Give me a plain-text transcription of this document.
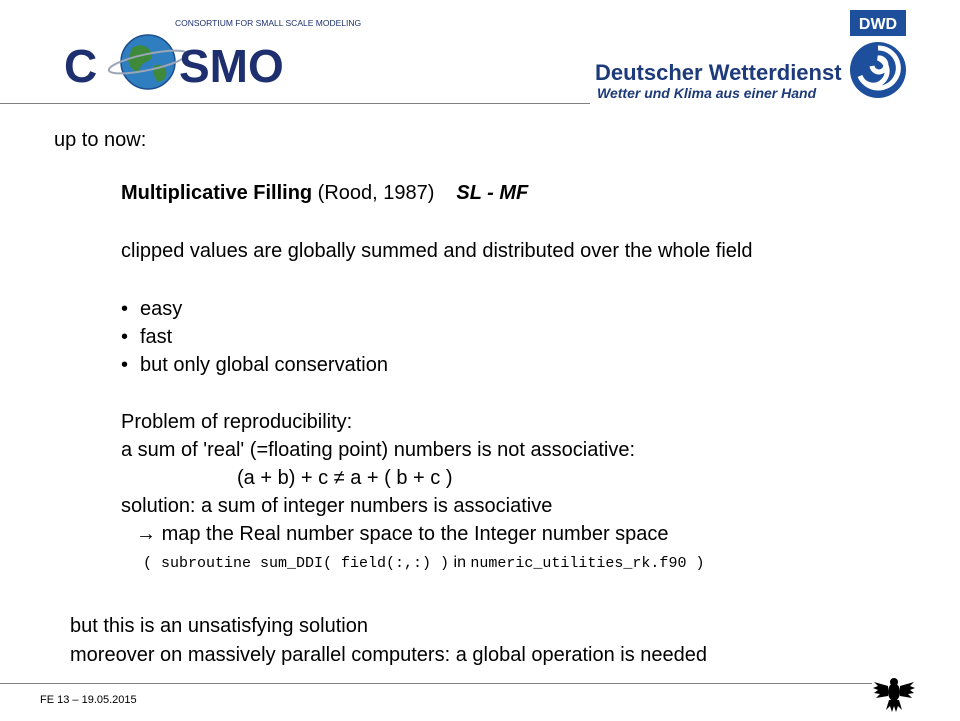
CONSORTIUM FOR SMALL SCALE MODELING
C SMO
DWD
Deutscher Wetterdienst
Wetter und Klima aus einer Hand
up to now:
Multiplicative Filling (Rood, 1987) SL - MF
clipped values are globally summed and distributed over the whole field
• easy
• fast
• but only global conservation
Problem of reproducibility:
a sum of 'real' (=floating point) numbers is not associative:
(a + b) + c ≠ a + ( b + c )
solution: a sum of integer numbers is associative
→ map the Real number space to the Integer number space
( subroutine sum_DDI( field(:,:) ) in numeric_utilities_rk.f90 )
but this is an unsatisfying solution
moreover on massively parallel computers: a global operation is needed
FE 13 – 19.05.2015
